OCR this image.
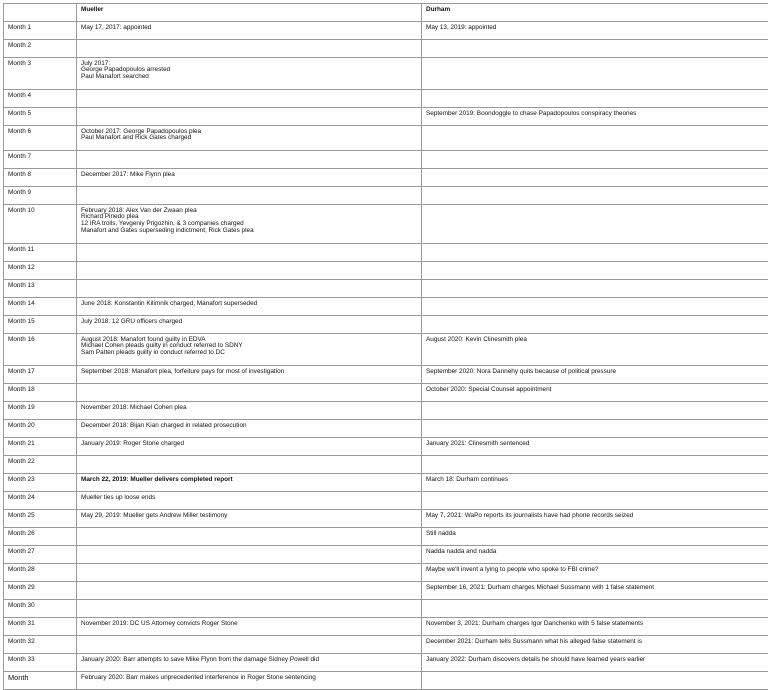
	Mueller	Durham
Month 1	May 17, 2017: appointed	May 13, 2019: appointed
Month 2		
Month 3	July 2017:
George Papadopoulos arrested
Paul Manafort searched	
Month 4		
Month 5		September 2019: Boondoggle to chase Papadopoulos conspiracy theories
Month 6	October 2017: George Papadopoulos plea
Paul Manafort and Rick Gates charged	
Month 7		
Month 8	December 2017: Mike Flynn plea	
Month 9		
Month 10	February 2018: Alex Van der Zwaan plea
Richard Pinedo plea
12 IRA trolls, Yevgeniy Prigozhin, & 3 companies charged
Manafort and Gates superseding indictment; Rick Gates plea	
Month 11		
Month 12		
Month 13		
Month 14	June 2018: Konstantin Kilimnik charged, Manafort superseded	
Month 15	July 2018: 12 GRU officers charged	
Month 16	August 2018: Manafort found guilty in EDVA
Michael Cohen pleads guilty in conduct referred to SDNY
Sam Patten pleads guilty in conduct referred to DC	August 2020: Kevin Clinesmith plea
Month 17	September 2018: Manafort plea, forfeiture pays for most of investigation	September 2020: Nora Dannehy quits because of political pressure
Month 18		October 2020: Special Counsel appointment
Month 19	November 2018: Michael Cohen plea	
Month 20	December 2018: Bijan Kian charged in related prosecution	
Month 21	January 2019: Roger Stone charged	January 2021: Clinesmith sentenced
Month 22		
Month 23	March 22, 2019: Mueller delivers completed report	March 18: Durham continues
Month 24	Mueller ties up loose ends	
Month 25	May 29, 2019: Mueller gets Andrew Miller testimony	May 7, 2021: WaPo reports its journalists have had phone records seized
Month 26		Still nadda
Month 27		Nadda nadda and nadda
Month 28		Maybe we'll invent a lying to people who spoke to FBI crime?
Month 29		September 16, 2021: Durham charges Michael Sussmann with 1 false statement
Month 30		
Month 31	November 2019: DC US Attorney convicts Roger Stone	November 3, 2021: Durham charges Igor Danchenko with 5 false statements
Month 32		December 2021: Durham tells Sussmann what his alleged false statement is
Month 33	January 2020: Barr attempts to save Mike Flynn from the damage Sidney Powell did	January 2022: Durham discovers details he should have learned years earlier
Month	February 2020: Barr makes unprecedented interference in Roger Stone sentencing	
